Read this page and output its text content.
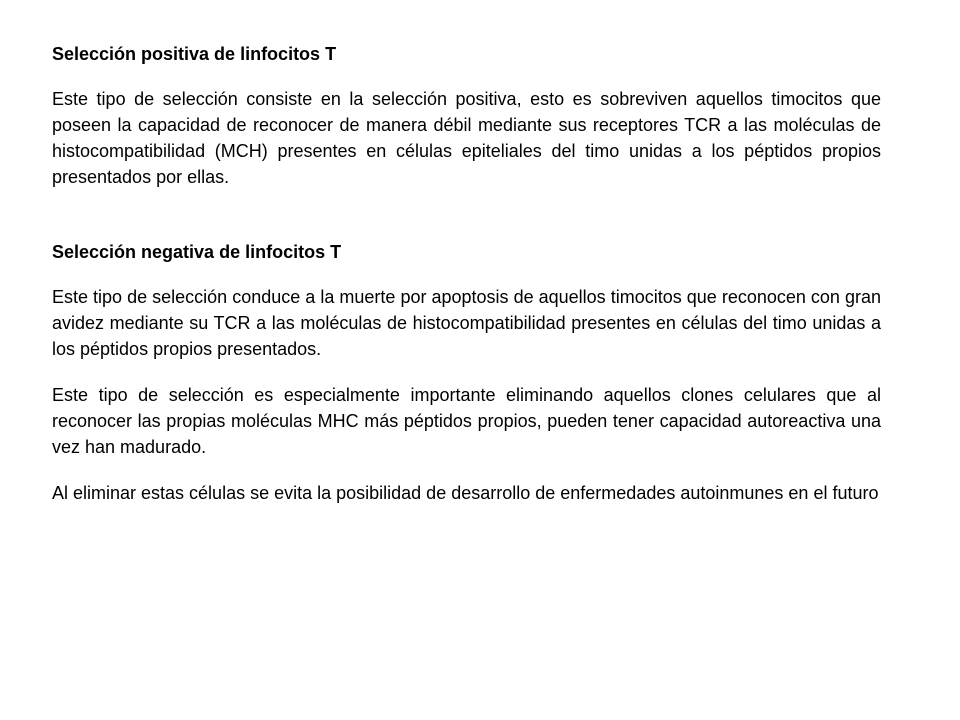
Selección positiva de linfocitos T

Este tipo de selección consiste en la selección positiva, esto es sobreviven aquellos timocitos que poseen la capacidad de reconocer de manera débil mediante sus receptores TCR a las moléculas de histocompatibilidad (MCH) presentes en células epiteliales del timo unidas a los péptidos propios presentados por ellas.

Selección negativa de linfocitos T

Este tipo de selección conduce a la muerte por apoptosis de aquellos timocitos que reconocen con gran avidez mediante su TCR a las moléculas de histocompatibilidad presentes en células del timo unidas a los péptidos propios presentados.

Este tipo de selección es especialmente importante eliminando aquellos clones celulares que al reconocer las propias moléculas MHC más péptidos propios, pueden tener capacidad autoreactiva una vez han madurado.

Al eliminar estas células se evita la posibilidad de desarrollo de enfermedades autoinmunes en el futuro
